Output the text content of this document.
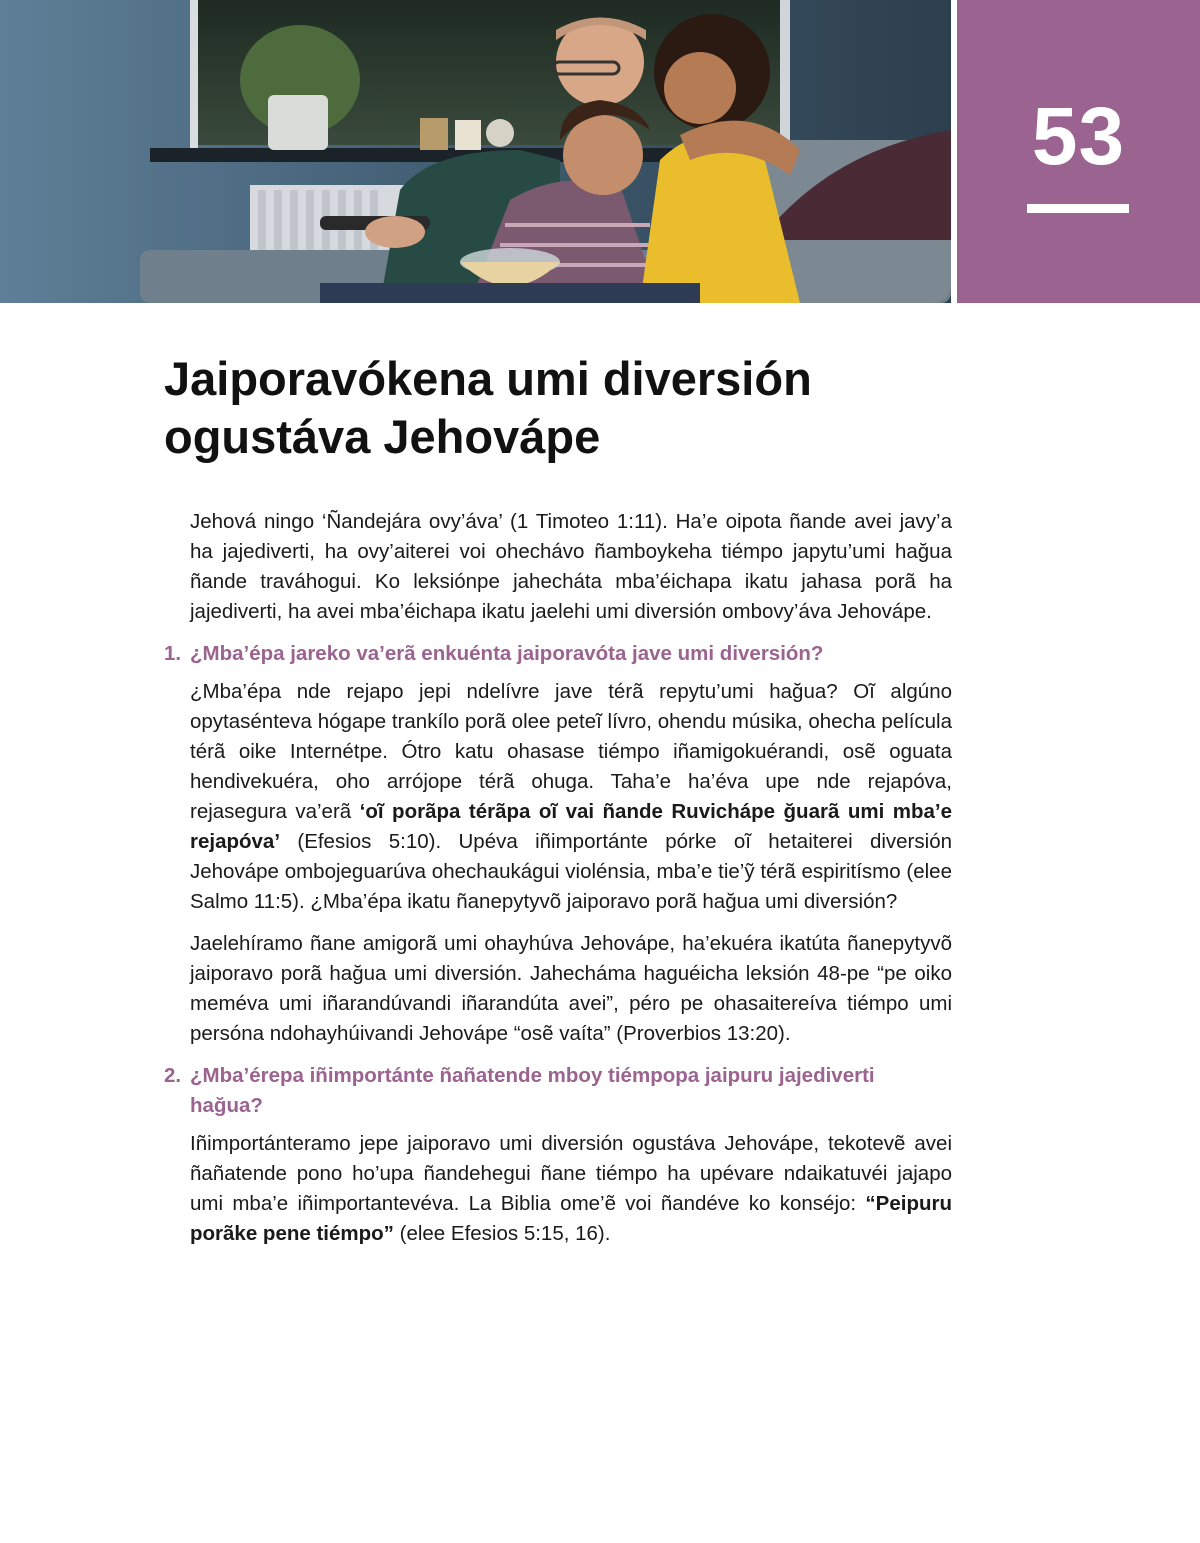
53
Jaiporavókena umi diversión
ogustáva Jehovápe

Jehová ningo ‘Ñandejára ovy’áva’ (1 Timoteo 1:11). Ha’e oipota ñande avei javy’a ha jajediverti, ha ovy’aiterei voi ohechávo ñamboykeha tiémpo japytu’umi hağua ñande traváhogui. Ko leksiónpe jahecháta mba’éichapa ikatu jahasa porã ha jajediverti, ha avei mba’éichapa ikatu jaelehi umi diversión ombovy’áva Jehovápe.

1. ¿Mba’épa jareko va’erã enkuénta jaiporavóta jave umi diversión?

¿Mba’épa nde rejapo jepi ndelívre jave térã repytu’umi hağua? Oĩ algúno opytasénteva hógape trankílo porã olee peteĩ lívro, ohendu músika, ohecha película térã oike Internétpe. Ótro katu ohasase tiémpo iñamigokuérandi, osẽ oguata hendivekuéra, oho arrójope térã ohuga. Taha’e ha’éva upe nde rejapóva, rejasegura va’erã ‘oĩ porãpa térãpa oĩ vai ñande Ruvichápe ğuarã umi mba’e rejapóva’ (Efesios 5:10). Upéva iñimportánte pórke oĩ hetaiterei diversión Jehovápe ombojeguarúva ohechaukágui violénsia, mba’e tie’ỹ térã espiritísmo (elee Salmo 11:5). ¿Mba’épa ikatu ñanepytyvõ jaiporavo porã hağua umi diversión?

Jaelehíramo ñane amigorã umi ohayhúva Jehovápe, ha’ekuéra ikatúta ñanepytyvõ jaiporavo porã hağua umi diversión. Jahecháma haguéicha leksión 48-pe “pe oiko meméva umi iñarandúvandi iñarandúta avei”, péro pe ohasaitereíva tiémpo umi persóna ndohayhúivandi Jehovápe “osẽ vaíta” (Proverbios 13:20).

2. ¿Mba’érepa iñimportánte ñañatende mboy tiémpopa jaipuru jajediverti hağua?

Iñimportánteramo jepe jaiporavo umi diversión ogustáva Jehovápe, tekotevẽ avei ñañatende pono ho’upa ñandehegui ñane tiémpo ha upévare ndaikatuvéi jajapo umi mba’e iñimportantevéva. La Biblia ome’ẽ voi ñandéve ko konséjo: “Peipuru porãke pene tiémpo” (elee Efesios 5:15, 16).
